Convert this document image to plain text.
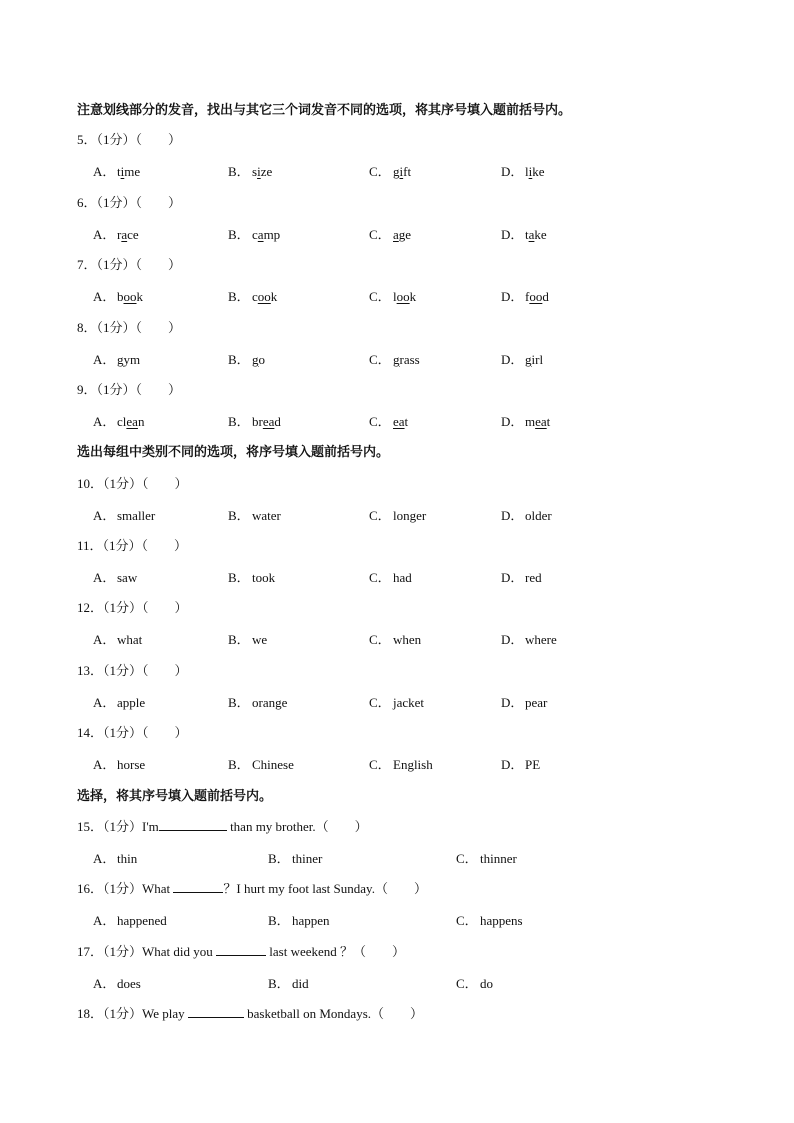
注意划线部分的发音，找出与其它三个词发音不同的选项，将其序号填入题前括号内。
5．（1分）（　　）
A． time	B． size	C． gift	D． like
6．（1分）（　　）
A． race	B． camp	C． age	D． take
7．（1分）（　　）
A． book	B． cook	C． look	D． food
8．（1分）（　　）
A． gym	B． go	C． grass	D． girl
9．（1分）（　　）
A． clean	B． bread	C． eat	D． meat
选出每组中类别不同的选项，将序号填入题前括号内。
10．（1分）（　　）
A． smaller	B． water	C． longer	D． older
11．（1分）（　　）
A． saw	B． took	C． had	D． red
12．（1分）（　　）
A． what	B． we	C． when	D． where
13．（1分）（　　）
A． apple	B． orange	C． jacket	D． pear
14．（1分）（　　）
A． horse	B． Chinese	C． English	D． PE
选择，将其序号填入题前括号内。
15．（1分）I'm	than my brother.（　　）
A． thin	B． thiner	C． thinner
16．（1分）What	？I hurt my foot last Sunday.（　　）
A． happened	B． happen	C． happens
17．（1分）What did you	last weekend ？（　　）
A． does	B． did	C． do
18．（1分）We play	basketball on Mondays.（　　）
